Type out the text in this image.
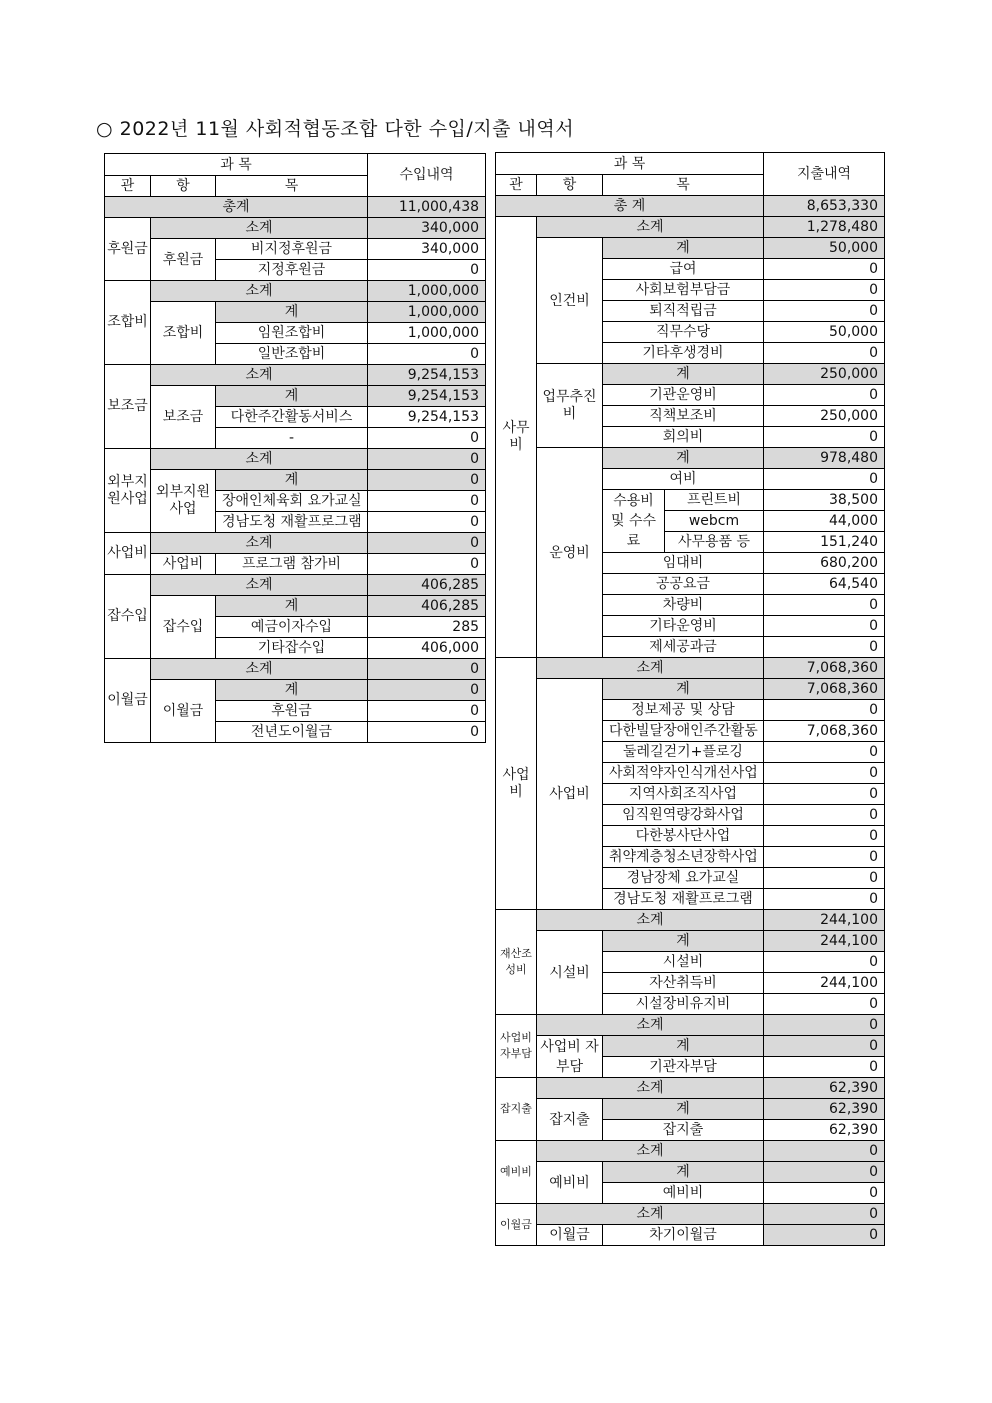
○ 2022년 11월 사회적협동조합 다한 수입/지출 내역서
과 목			수입내역
관	항	목	
총계			11,000,438
후원금	소계		340,000
	후원금	비지정후원금	340,000
		지정후원금	0
조합비	소계		1,000,000
	조합비	계	1,000,000
		임원조합비	1,000,000
		일반조합비	0
보조금	소계		9,254,153
	보조금	계	9,254,153
		다한주간활동서비스	9,254,153
		-	0
외부지원사업	소계		0
	외부지원사업	계	0
		장애인체육회 요가교실	0
		경남도청 재활프로그램	0
사업비	소계		0
	사업비	프로그램 참가비	0
잡수입	소계		406,285
	잡수입	계	406,285
		예금이자수입	285
		기타잡수입	406,000
이월금	소계		0
	이월금	계	0
		후원금	0
		전년도이월금	0
과 목				지출내역
관	항	목		
총 계				8,653,330
사무비	소계			1,278,480
	인건비	계		50,000
		급여		0
		사회보험부담금		0
		퇴직적립금		0
		직무수당		50,000
		기타후생경비		0
	업무추진비	계		250,000
		기관운영비		0
		직책보조비		250,000
		회의비		0
	운영비	계		978,480
		여비		0
		수용비 및 수수료	프린트비	38,500
			webcm	44,000
			사무용품 등	151,240
		임대비		680,200
		공공요금		64,540
		차량비		0
		기타운영비		0
		제세공과금		0
사업비	소계			7,068,360
	사업비	계		7,068,360
		정보제공 및 상담		0
		다한빌달장애인주간활동		7,068,360
		둘레길걷기+플로깅		0
		사회적약자인식개선사업		0
		지역사회조직사업		0
		임직원역량강화사업		0
		다한봉사단사업		0
		취약계층청소년장학사업		0
		경남장체 요가교실		0
		경남도청 재활프로그램		0
재산조성비	소계			244,100
	시설비	계		244,100
		시설비		0
		자산취득비		244,100
		시설장비유지비		0
사업비자부담	소계			0
	사업비 자부담	계		0
		기관자부담		0
잡지출	소계			62,390
	잡지출	계		62,390
		잡지출		62,390
예비비	소계			0
	예비비	계		0
		예비비		0
이월금	소계			0
	이월금	차기이월금		0
